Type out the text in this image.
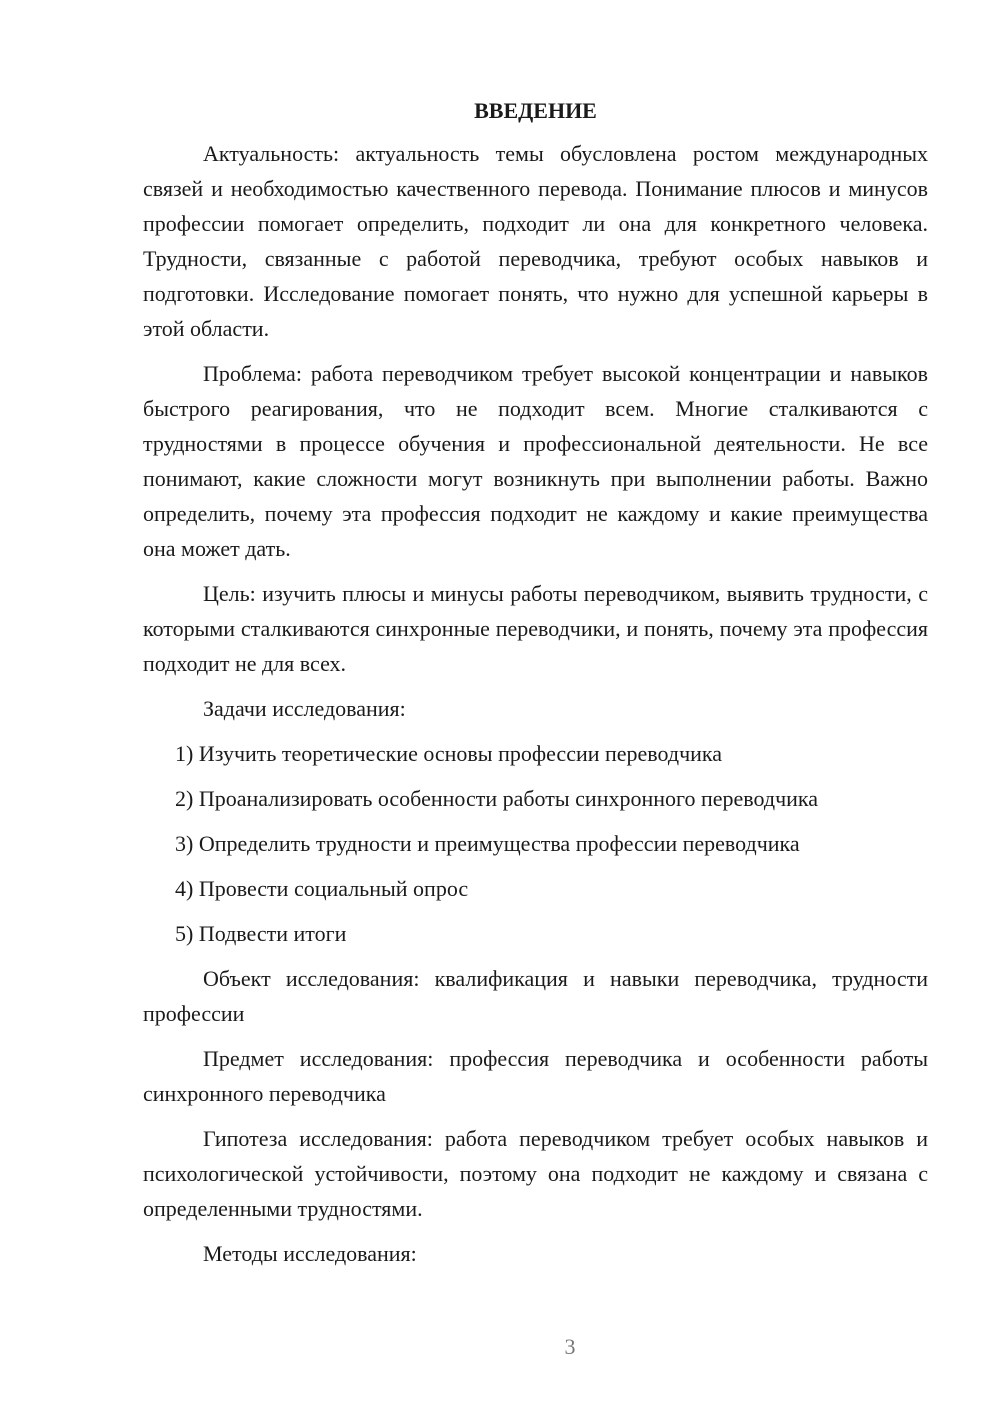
ВВЕДЕНИЕ

Актуальность: актуальность темы обусловлена ростом международных связей и необходимостью качественного перевода. Понимание плюсов и минусов профессии помогает определить, подходит ли она для конкретного человека. Трудности, связанные с работой переводчика, требуют особых навыков и подготовки. Исследование помогает понять, что нужно для успешной карьеры в этой области.

Проблема: работа переводчиком требует высокой концентрации и навыков быстрого реагирования, что не подходит всем. Многие сталкиваются с трудностями в процессе обучения и профессиональной деятельности. Не все понимают, какие сложности могут возникнуть при выполнении работы. Важно определить, почему эта профессия подходит не каждому и какие преимущества она может дать.

Цель: изучить плюсы и минусы работы переводчиком, выявить трудности, с которыми сталкиваются синхронные переводчики, и понять, почему эта профессия подходит не для всех.

Задачи исследования:

1) Изучить теоретические основы профессии переводчика
2) Проанализировать особенности работы синхронного переводчика
3) Определить трудности и преимущества профессии переводчика
4) Провести социальный опрос
5) Подвести итоги

Объект исследования: квалификация и навыки переводчика, трудности профессии

Предмет исследования: профессия переводчика и особенности работы синхронного переводчика

Гипотеза исследования: работа переводчиком требует особых навыков и психологической устойчивости, поэтому она подходит не каждому и связана с определенными трудностями.

Методы исследования:

3
